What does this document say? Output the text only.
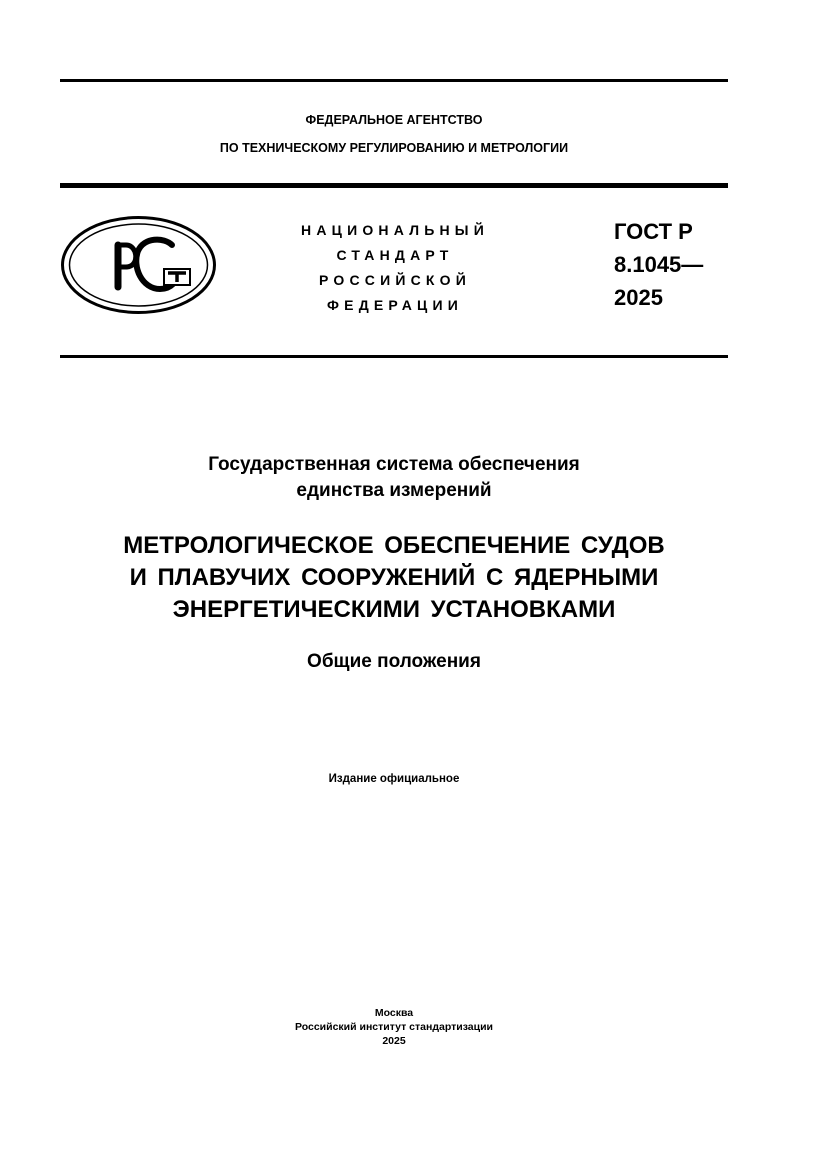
ФЕДЕРАЛЬНОЕ АГЕНТСТВО
ПО ТЕХНИЧЕСКОМУ РЕГУЛИРОВАНИЮ И МЕТРОЛОГИИ
НАЦИОНАЛЬНЫЙ
СТАНДАРТ
РОССИЙСКОЙ
ФЕДЕРАЦИИ
ГОСТ Р
8.1045—
2025
Государственная система обеспечения
единства измерений
МЕТРОЛОГИЧЕСКОЕ ОБЕСПЕЧЕНИЕ СУДОВ
И ПЛАВУЧИХ СООРУЖЕНИЙ С ЯДЕРНЫМИ
ЭНЕРГЕТИЧЕСКИМИ УСТАНОВКАМИ
Общие положения
Издание официальное
Москва
Российский институт стандартизации
2025
